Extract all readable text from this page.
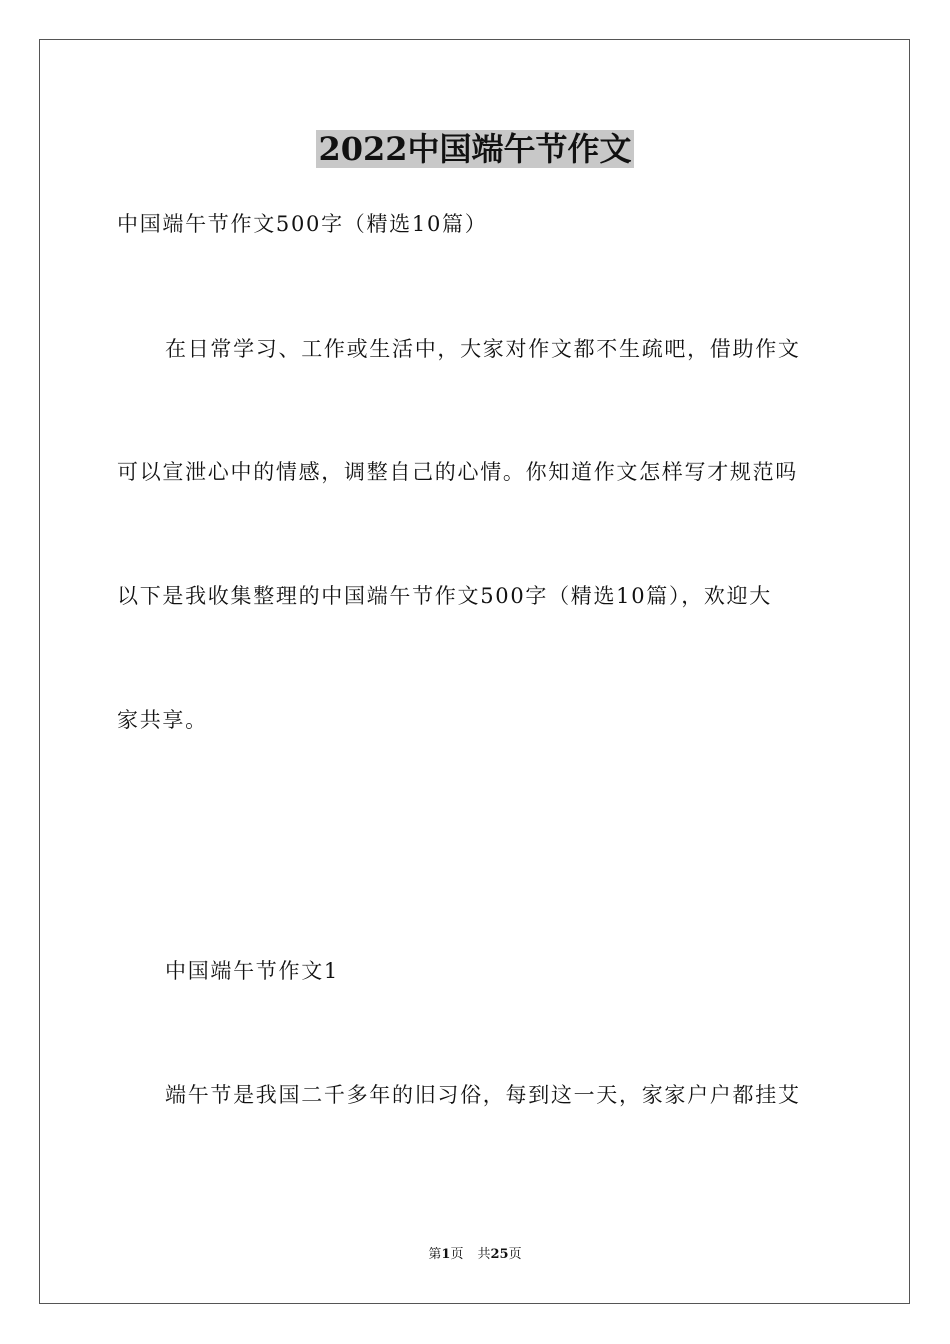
2022中国端午节作文
中国端午节作文500字（精选10篇）
在日常学习、工作或生活中，大家对作文都不生疏吧，借助作文
可以宣泄心中的情感，调整自己的心情。你知道作文怎样写才规范吗
以下是我收集整理的中国端午节作文500字（精选10篇），欢迎大
家共享。
中国端午节作文1
端午节是我国二千多年的旧习俗，每到这一天，家家户户都挂艾
第1页 共25页
